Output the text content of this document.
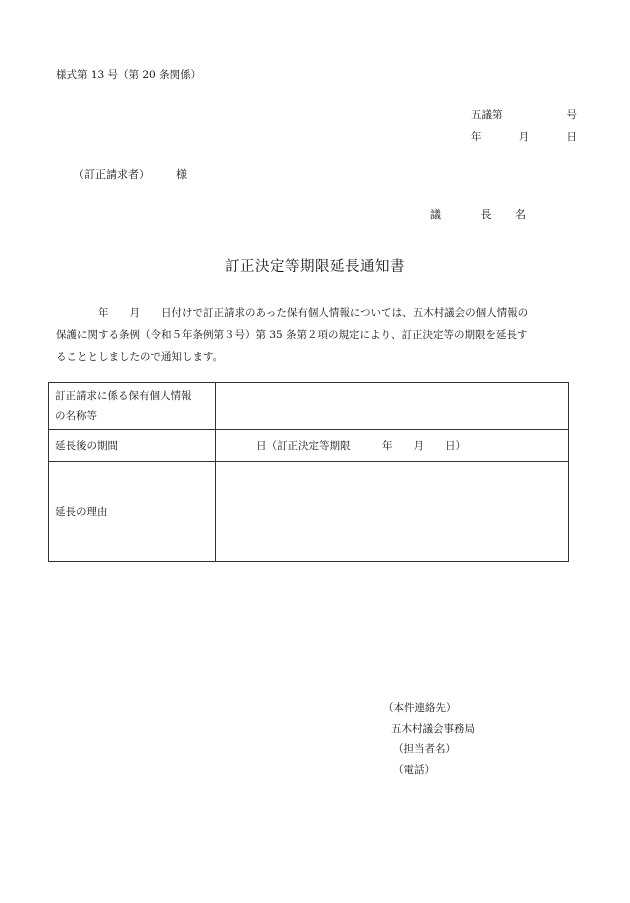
様式第 13 号（第 20 条関係）
五議第	号
年	月	日
（訂正請求者） 様
議	長 名
訂正決定等期限延長通知書
　　　　年　　月　　日付けで訂正請求のあった保有個人情報については、五木村議会の個人情報の
保護に関する条例（令和５年条例第３号）第 35 条第２項の規定により、訂正決定等の期限を延長す
ることとしましたので通知します。
訂正請求に係る保有個人情報
の名称等	
延長後の期間	日（訂正決定等期限　　　年　　月　　日）
延長の理由	
（本件連絡先）
五木村議会事務局
（担当者名）
（電話）
